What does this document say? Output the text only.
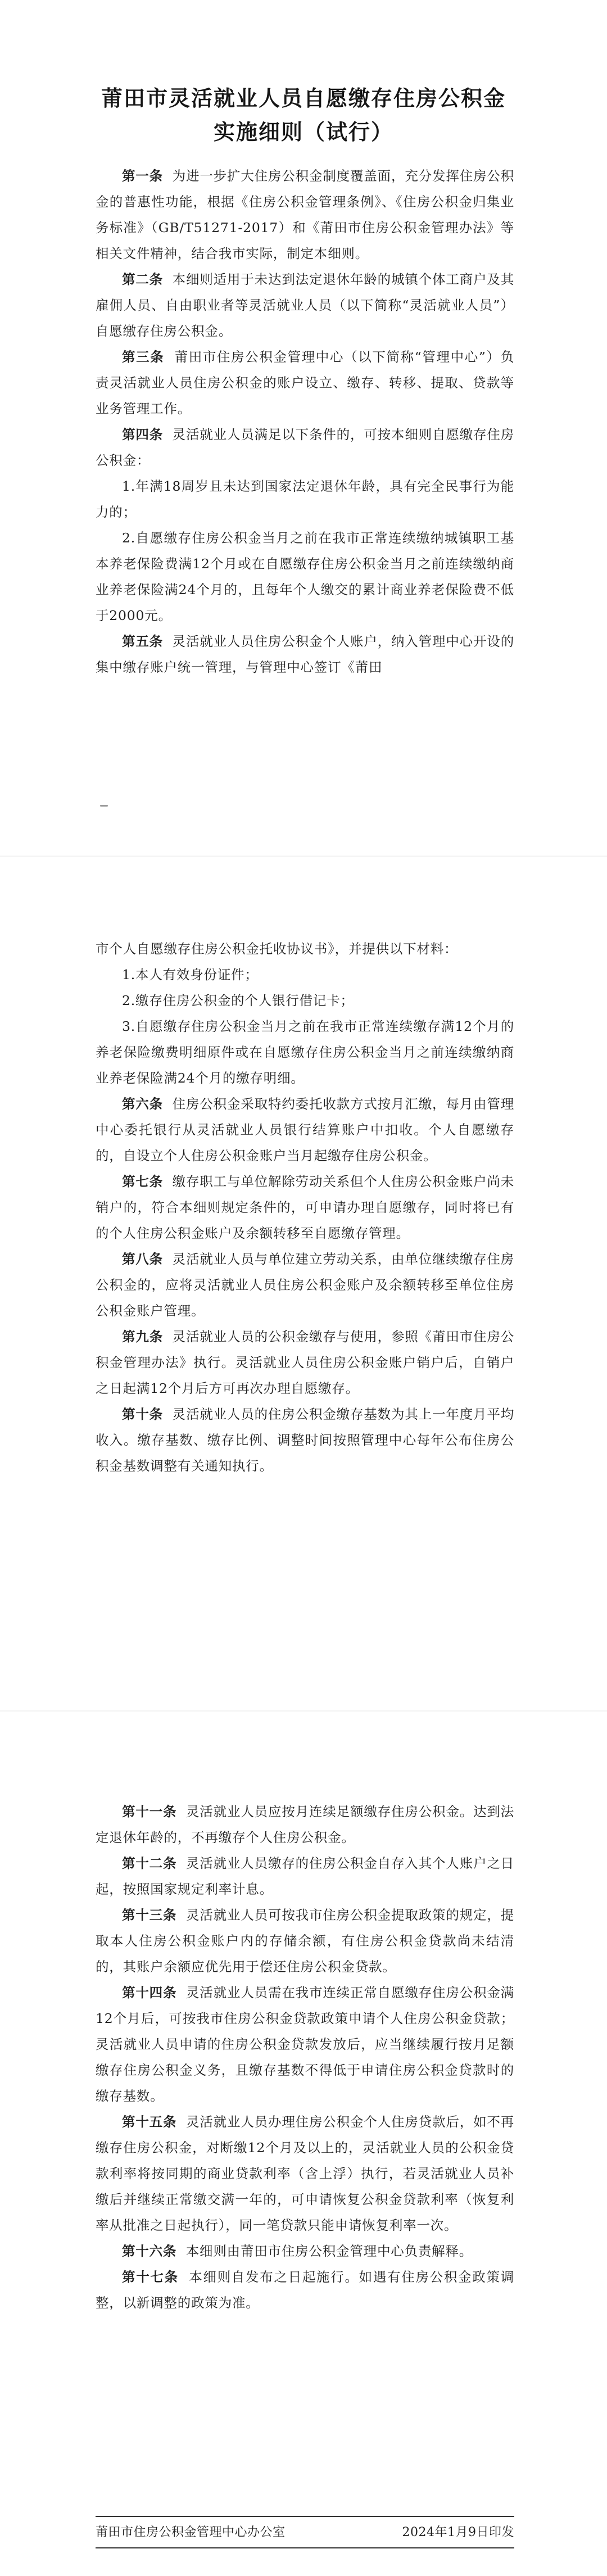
莆田市灵活就业人员自愿缴存住房公积金
实施细则（试行）

第一条 为进一步扩大住房公积金制度覆盖面，充分发挥住房公积金的普惠性功能，根据《住房公积金管理条例》、《住房公积金归集业务标准》（GB/T51271-2017）和《莆田市住房公积金管理办法》等相关文件精神，结合我市实际，制定本细则。

第二条 本细则适用于未达到法定退休年龄的城镇个体工商户及其雇佣人员、自由职业者等灵活就业人员（以下简称“灵活就业人员”）自愿缴存住房公积金。

第三条 莆田市住房公积金管理中心（以下简称“管理中心”）负责灵活就业人员住房公积金的账户设立、缴存、转移、提取、贷款等业务管理工作。

第四条 灵活就业人员满足以下条件的，可按本细则自愿缴存住房公积金：

1.年满18周岁且未达到国家法定退休年龄，具有完全民事行为能力的；

2.自愿缴存住房公积金当月之前在我市正常连续缴纳城镇职工基本养老保险费满12个月或在自愿缴存住房公积金当月之前连续缴纳商业养老保险满24个月的，且每年个人缴交的累计商业养老保险费不低于2000元。

第五条 灵活就业人员住房公积金个人账户，纳入管理中心开设的集中缴存账户统一管理，与管理中心签订《莆田

市个人自愿缴存住房公积金托收协议书》，并提供以下材料：

1.本人有效身份证件；

2.缴存住房公积金的个人银行借记卡；

3.自愿缴存住房公积金当月之前在我市正常连续缴存满12个月的养老保险缴费明细原件或在自愿缴存住房公积金当月之前连续缴纳商业养老保险满24个月的缴存明细。

第六条 住房公积金采取特约委托收款方式按月汇缴，每月由管理中心委托银行从灵活就业人员银行结算账户中扣收。个人自愿缴存的，自设立个人住房公积金账户当月起缴存住房公积金。

第七条 缴存职工与单位解除劳动关系但个人住房公积金账户尚未销户的，符合本细则规定条件的，可申请办理自愿缴存，同时将已有的个人住房公积金账户及余额转移至自愿缴存管理。

第八条 灵活就业人员与单位建立劳动关系，由单位继续缴存住房公积金的，应将灵活就业人员住房公积金账户及余额转移至单位住房公积金账户管理。

第九条 灵活就业人员的公积金缴存与使用，参照《莆田市住房公积金管理办法》执行。灵活就业人员住房公积金账户销户后，自销户之日起满12个月后方可再次办理自愿缴存。

第十条 灵活就业人员的住房公积金缴存基数为其上一年度月平均收入。缴存基数、缴存比例、调整时间按照管理中心每年公布住房公积金基数调整有关通知执行。

第十一条 灵活就业人员应按月连续足额缴存住房公积金。达到法定退休年龄的，不再缴存个人住房公积金。

第十二条 灵活就业人员缴存的住房公积金自存入其个人账户之日起，按照国家规定利率计息。

第十三条 灵活就业人员可按我市住房公积金提取政策的规定，提取本人住房公积金账户内的存储余额，有住房公积金贷款尚未结清的，其账户余额应优先用于偿还住房公积金贷款。

第十四条 灵活就业人员需在我市连续正常自愿缴存住房公积金满12个月后，可按我市住房公积金贷款政策申请个人住房公积金贷款；灵活就业人员申请的住房公积金贷款发放后，应当继续履行按月足额缴存住房公积金义务，且缴存基数不得低于申请住房公积金贷款时的缴存基数。

第十五条 灵活就业人员办理住房公积金个人住房贷款后，如不再缴存住房公积金，对断缴12个月及以上的，灵活就业人员的公积金贷款利率将按同期的商业贷款利率（含上浮）执行，若灵活就业人员补缴后并继续正常缴交满一年的，可申请恢复公积金贷款利率（恢复利率从批准之日起执行），同一笔贷款只能申请恢复利率一次。

第十六条 本细则由莆田市住房公积金管理中心负责解释。

第十七条 本细则自发布之日起施行。如遇有住房公积金政策调整，以新调整的政策为准。

莆田市住房公积金管理中心办公室	2024年1月9日印发
